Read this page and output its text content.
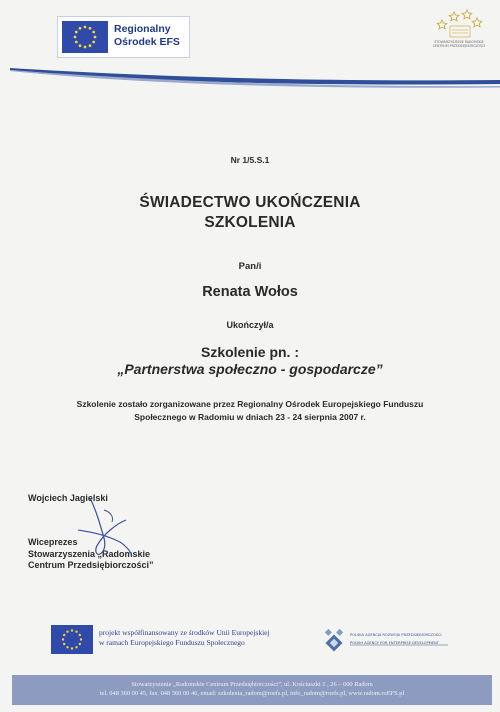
Regionalny
Ośrodek EFS	STOWARZYSZENIE RADOMSKIE
CENTRUM PRZEDSIĘBIORCZOŚCI
Nr 1/5.S.1
ŚWIADECTWO UKOŃCZENIA
SZKOLENIA
Pan/i
Renata Wołos
Ukończył/a
Szkolenie pn. :
„Partnerstwa społeczno - gospodarcze”
Szkolenie zostało zorganizowane przez Regionalny Ośrodek Europejskiego Funduszu
Społecznego w Radomiu w dniach 23 - 24 sierpnia 2007 r.
Wojciech Jagielski
Wiceprezes
Stowarzyszenia „Radomskie
Centrum Przedsiębiorczości”
projekt współfinansowany ze środków Unii Europejskiej
w ramach Europejskiego Funduszu Społecznego
POLSKA AGENCJA ROZWOJU PRZEDSIĘBIORCZOŚCI
POLISH AGENCY FOR ENTERPRISE DEVELOPMENT
Stowarzyszenie „Radomskie Centrum Przedsiębiorczości”, ul. Kościuszki 1 , 26 – 600 Radom
tel. 048 360 00 45, fax. 048 360 00 46, email: szkolenia_radom@roefs.pl, info_radom@roefs.pl, www.radom.roEFS.pl
